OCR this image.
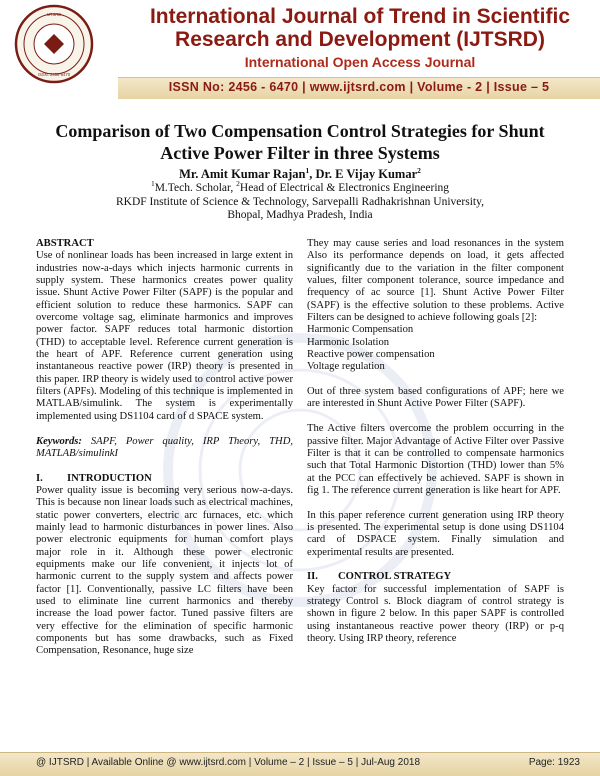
IJTSRD
ISSN: 2456-6470
International Journal of Trend in Scientific
Research and Development (IJTSRD)
International Open Access Journal
ISSN No: 2456 - 6470 | www.ijtsrd.com | Volume - 2 | Issue – 5
Comparison of Two Compensation Control Strategies for Shunt
Active Power Filter in three Systems
Mr. Amit Kumar Rajan$^1$, Dr. E Vijay Kumar$^2$
$^1$M.Tech. Scholar, $^2$Head of Electrical & Electronics Engineering
RKDF Institute of Science & Technology, Sarvepalli Radhakrishnan University,
Bhopal, Madhya Pradesh, India

ABSTRACT

Use of nonlinear loads has been increased in large extent in industries now-a-days which injects harmonic currents in supply system. These harmonics creates power quality issue. Shunt Active Power Filter (SAPF) is the popular and efficient solution to reduce these harmonics. SAPF can overcome voltage sag, eliminate harmonics and improves power factor. SAPF reduces total harmonic distortion (THD) to acceptable level. Reference current generation is the heart of APF. Reference current generation using instantaneous reactive power (IRP) theory is presented in this paper. IRP theory is widely used to control active power filters (APFs). Modeling of this technique is implemented in MATLAB/simulink. The system is experimentally implemented using DS1104 card of d SPACE system.

Keywords: SAPF, Power quality, IRP Theory, THD, MATLAB/simulinkI

I.	INTRODUCTION

Power quality issue is becoming very serious now-a-days. This is because non linear loads such as electrical machines, static power converters, electric arc furnaces, etc. which mainly lead to harmonic disturbances in power lines. Also power electronic equipments for human comfort plays major role in it. Although these power electronic equipments make our life convenient, it injects lot of harmonic current to the supply system and affects power factor [1]. Conventionally, passive LC filters have been used to eliminate line current harmonics and thereby increase the load power factor. Tuned passive filters are very effective for the elimination of specific harmonic components but has some drawbacks, such as Fixed Compensation, Resonance, huge size

They may cause series and load resonances in the system Also its performance depends on load, it gets affected significantly due to the variation in the filter component values, filter component tolerance, source impedance and frequency of ac source [1]. Shunt Active Power Filter (SAPF) is the effective solution to these problems. Active Filters can be designed to achieve following goals [2]:

Harmonic Compensation

Harmonic Isolation

Reactive power compensation

Voltage regulation

Out of three system based configurations of APF; here we are interested in Shunt Active Power Filter (SAPF).

The Active filters overcome the problem occurring in the passive filter. Major Advantage of Active Filter over Passive Filter is that it can be controlled to compensate harmonics such that Total Harmonic Distortion (THD) lower than 5% at the PCC can effectively be achieved. SAPF is shown in fig 1. The reference current generation is like heart for APF.

In this paper reference current generation using IRP theory is presented. The experimental setup is done using DS1104 card of DSPACE system. Finally simulation and experimental results are presented.

II.	CONTROL STRATEGY

Key factor for successful implementation of SAPF is strategy Control s. Block diagram of control strategy is shown in figure 2 below. In this paper SAPF is controlled using instantaneous reactive power theory (IRP) or p-q theory. Using IRP theory, reference

@ IJTSRD | Available Online @ www.ijtsrd.com | Volume – 2 | Issue – 5 | Jul-Aug 2018	Page: 1923
